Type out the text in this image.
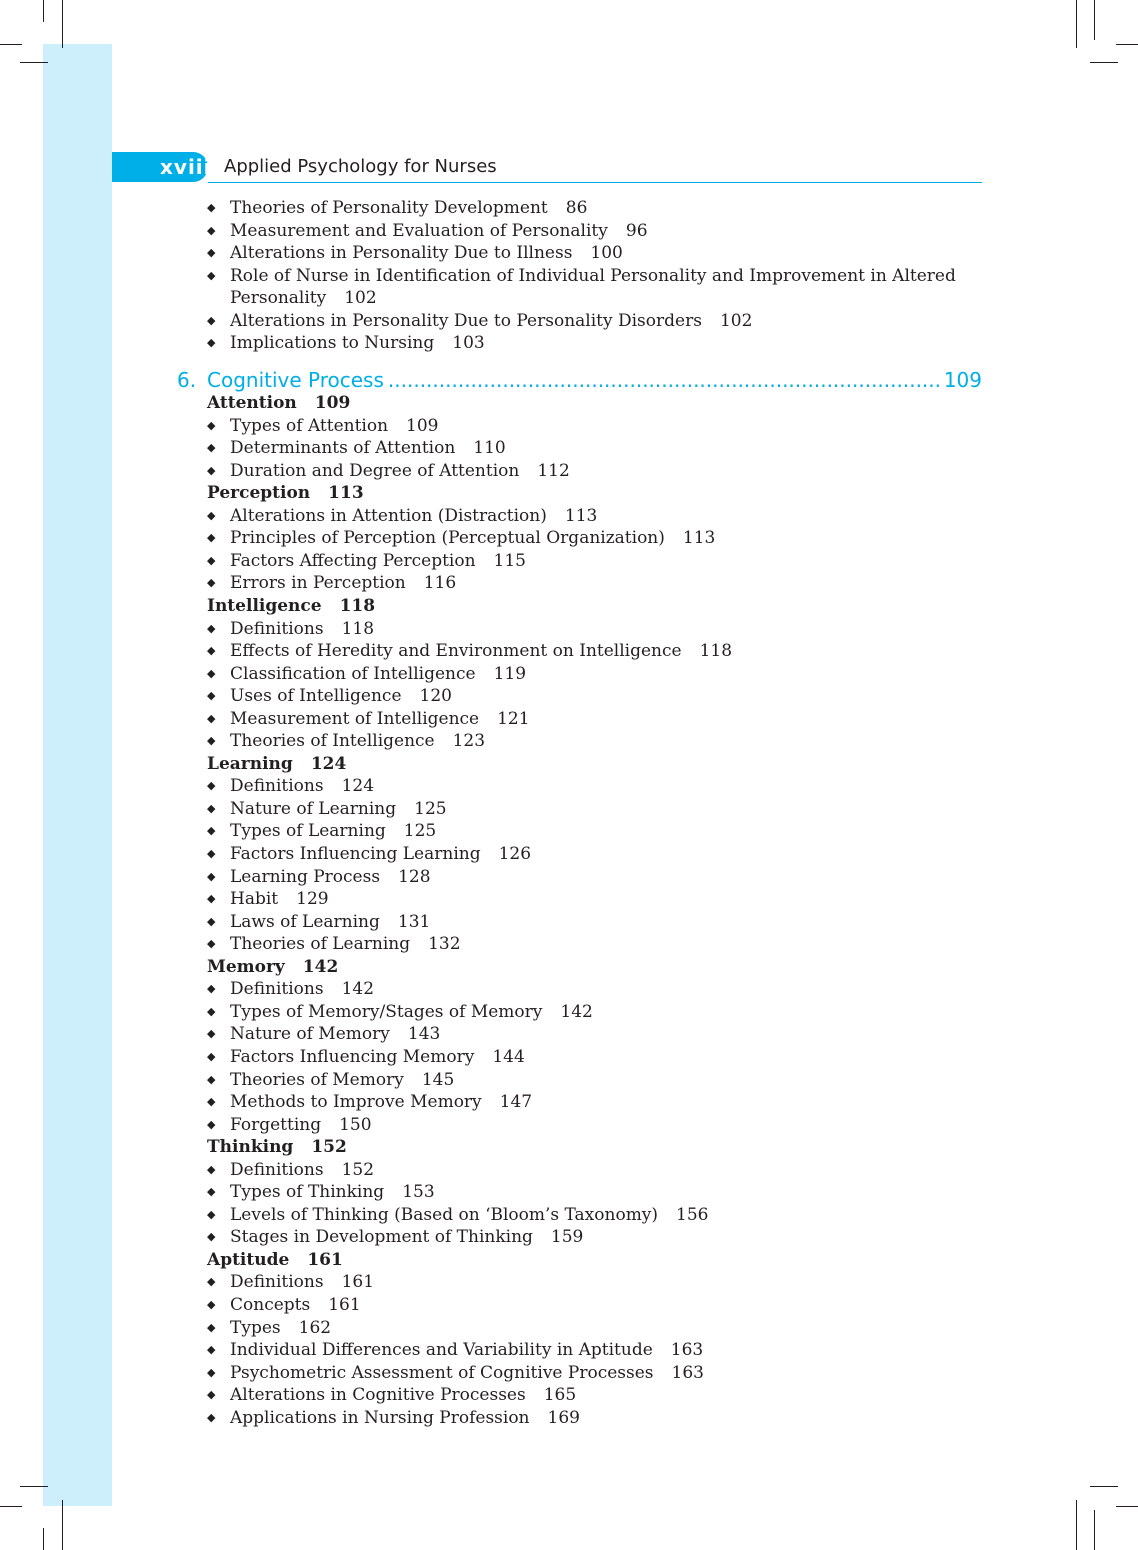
xviii Applied Psychology for Nurses
6. Cognitive Process
.....	109
◆ Theories of Personality Development 86
◆ Measurement and Evaluation of Personality 96
◆ Alterations in Personality Due to Illness 100
◆ Role of Nurse in Identification of Individual Personality and Improvement in Altered
Personality 102
◆ Alterations in Personality Due to Personality Disorders 102
◆ Implications to Nursing 103
Attention 109
◆ Types of Attention 109
◆ Determinants of Attention 110
◆ Duration and Degree of Attention 112
Perception 113
◆ Alterations in Attention (Distraction) 113
◆ Principles of Perception (Perceptual Organization) 113
◆ Factors Affecting Perception 115
◆ Errors in Perception 116
Intelligence 118
◆ Definitions 118
◆ Effects of Heredity and Environment on Intelligence 118
◆ Classification of Intelligence 119
◆ Uses of Intelligence 120
◆ Measurement of Intelligence 121
◆ Theories of Intelligence 123
Learning 124
◆ Definitions 124
◆ Nature of Learning 125
◆ Types of Learning 125
◆ Factors Influencing Learning 126
◆ Learning Process 128
◆ Habit 129
◆ Laws of Learning 131
◆ Theories of Learning 132
Memory 142
◆ Definitions 142
◆ Types of Memory/Stages of Memory 142
◆ Nature of Memory 143
◆ Factors Influencing Memory 144
◆ Theories of Memory 145
◆ Methods to Improve Memory 147
◆ Forgetting 150
Thinking 152
◆ Definitions 152
◆ Types of Thinking 153
◆ Levels of Thinking (Based on ‘Bloom’s Taxonomy) 156
◆ Stages in Development of Thinking 159
Aptitude 161
◆ Definitions 161
◆ Concepts 161
◆ Types 162
◆ Individual Differences and Variability in Aptitude 163
◆ Psychometric Assessment of Cognitive Processes 163
◆ Alterations in Cognitive Processes 165
◆ Applications in Nursing Profession 169
